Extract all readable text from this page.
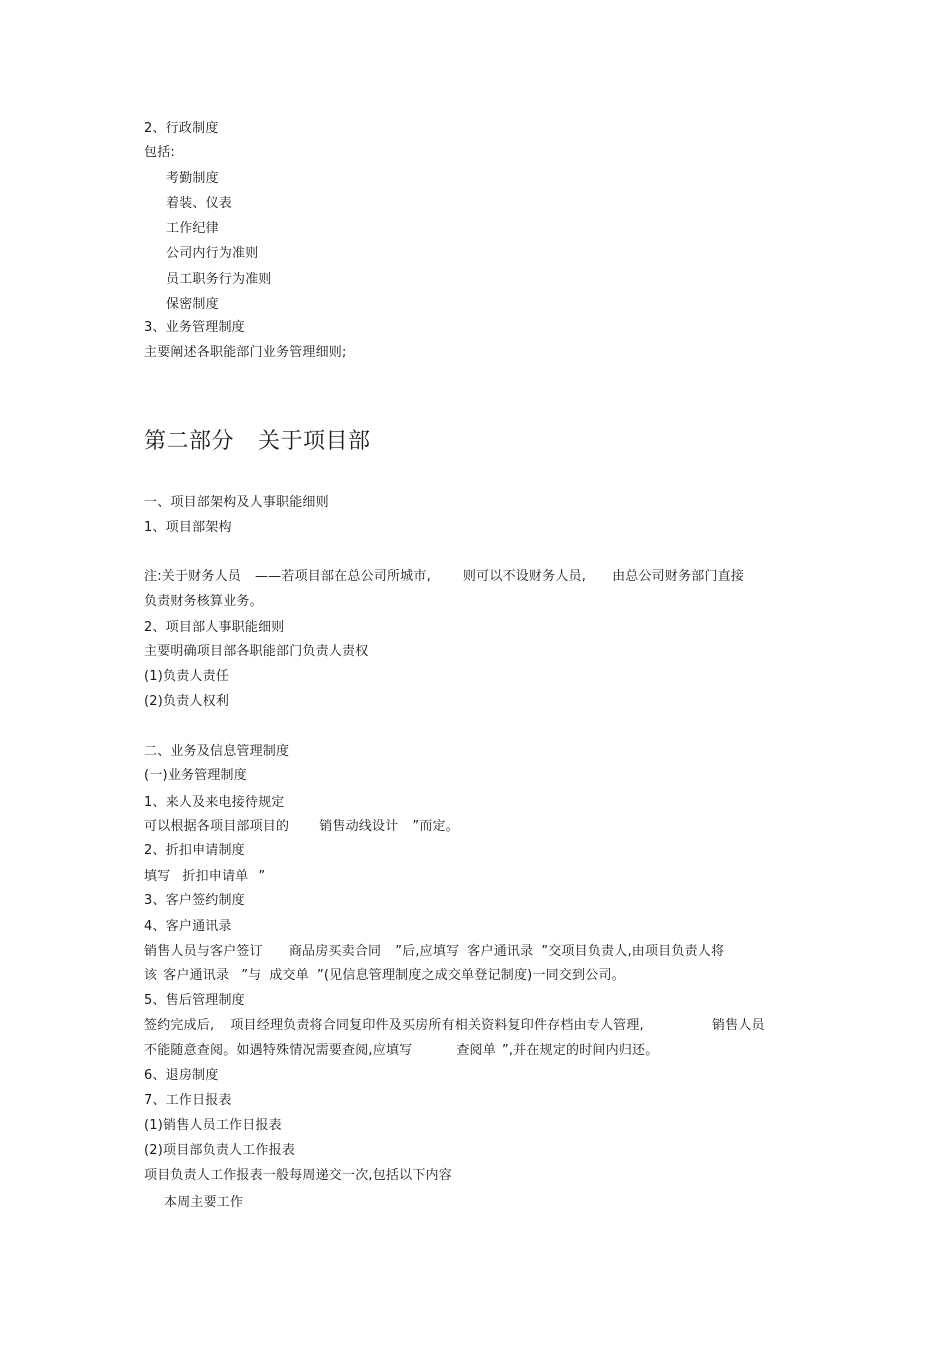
2、行政制度
包括:
考勤制度
着装、仪表
工作纪律
公司内行为准则
员工职务行为准则
保密制度
3、业务管理制度
主要阐述各职能部门业务管理细则;
第二部分 关于项目部
一、项目部架构及人事职能细则
1、项目部架构
注:关于财务人员 ——若项目部在总公司所城市, 则可以不设财务人员, 由总公司财务部门直接
负责财务核算业务。
2、项目部人事职能细则
主要明确项目部各职能部门负责人责权
(1)负责人责任
(2)负责人权利
二、业务及信息管理制度
(一)业务管理制度
1、来人及来电接待规定
可以根据各项目部项目的 销售动线设计 ”而定。
2、折扣申请制度
填写 折扣申请单 ”
3、客户签约制度
4、客户通讯录
销售人员与客户签订 商品房买卖合同 ”后,应填写 客户通讯录 ”交项目负责人,由项目负责人将
该 客户通讯录 ”与 成交单 ”(见信息管理制度之成交单登记制度)一同交到公司。
5、售后管理制度
签约完成后, 项目经理负责将合同复印件及买房所有相关资料复印件存档由专人管理,	销售人员
不能随意查阅。如遇特殊情况需要查阅,应填写	查阅单 ”,并在规定的时间内归还。
6、退房制度
7、工作日报表
(1)销售人员工作日报表
(2)项目部负责人工作报表
项目负责人工作报表一般每周递交一次,包括以下内容
本周主要工作
